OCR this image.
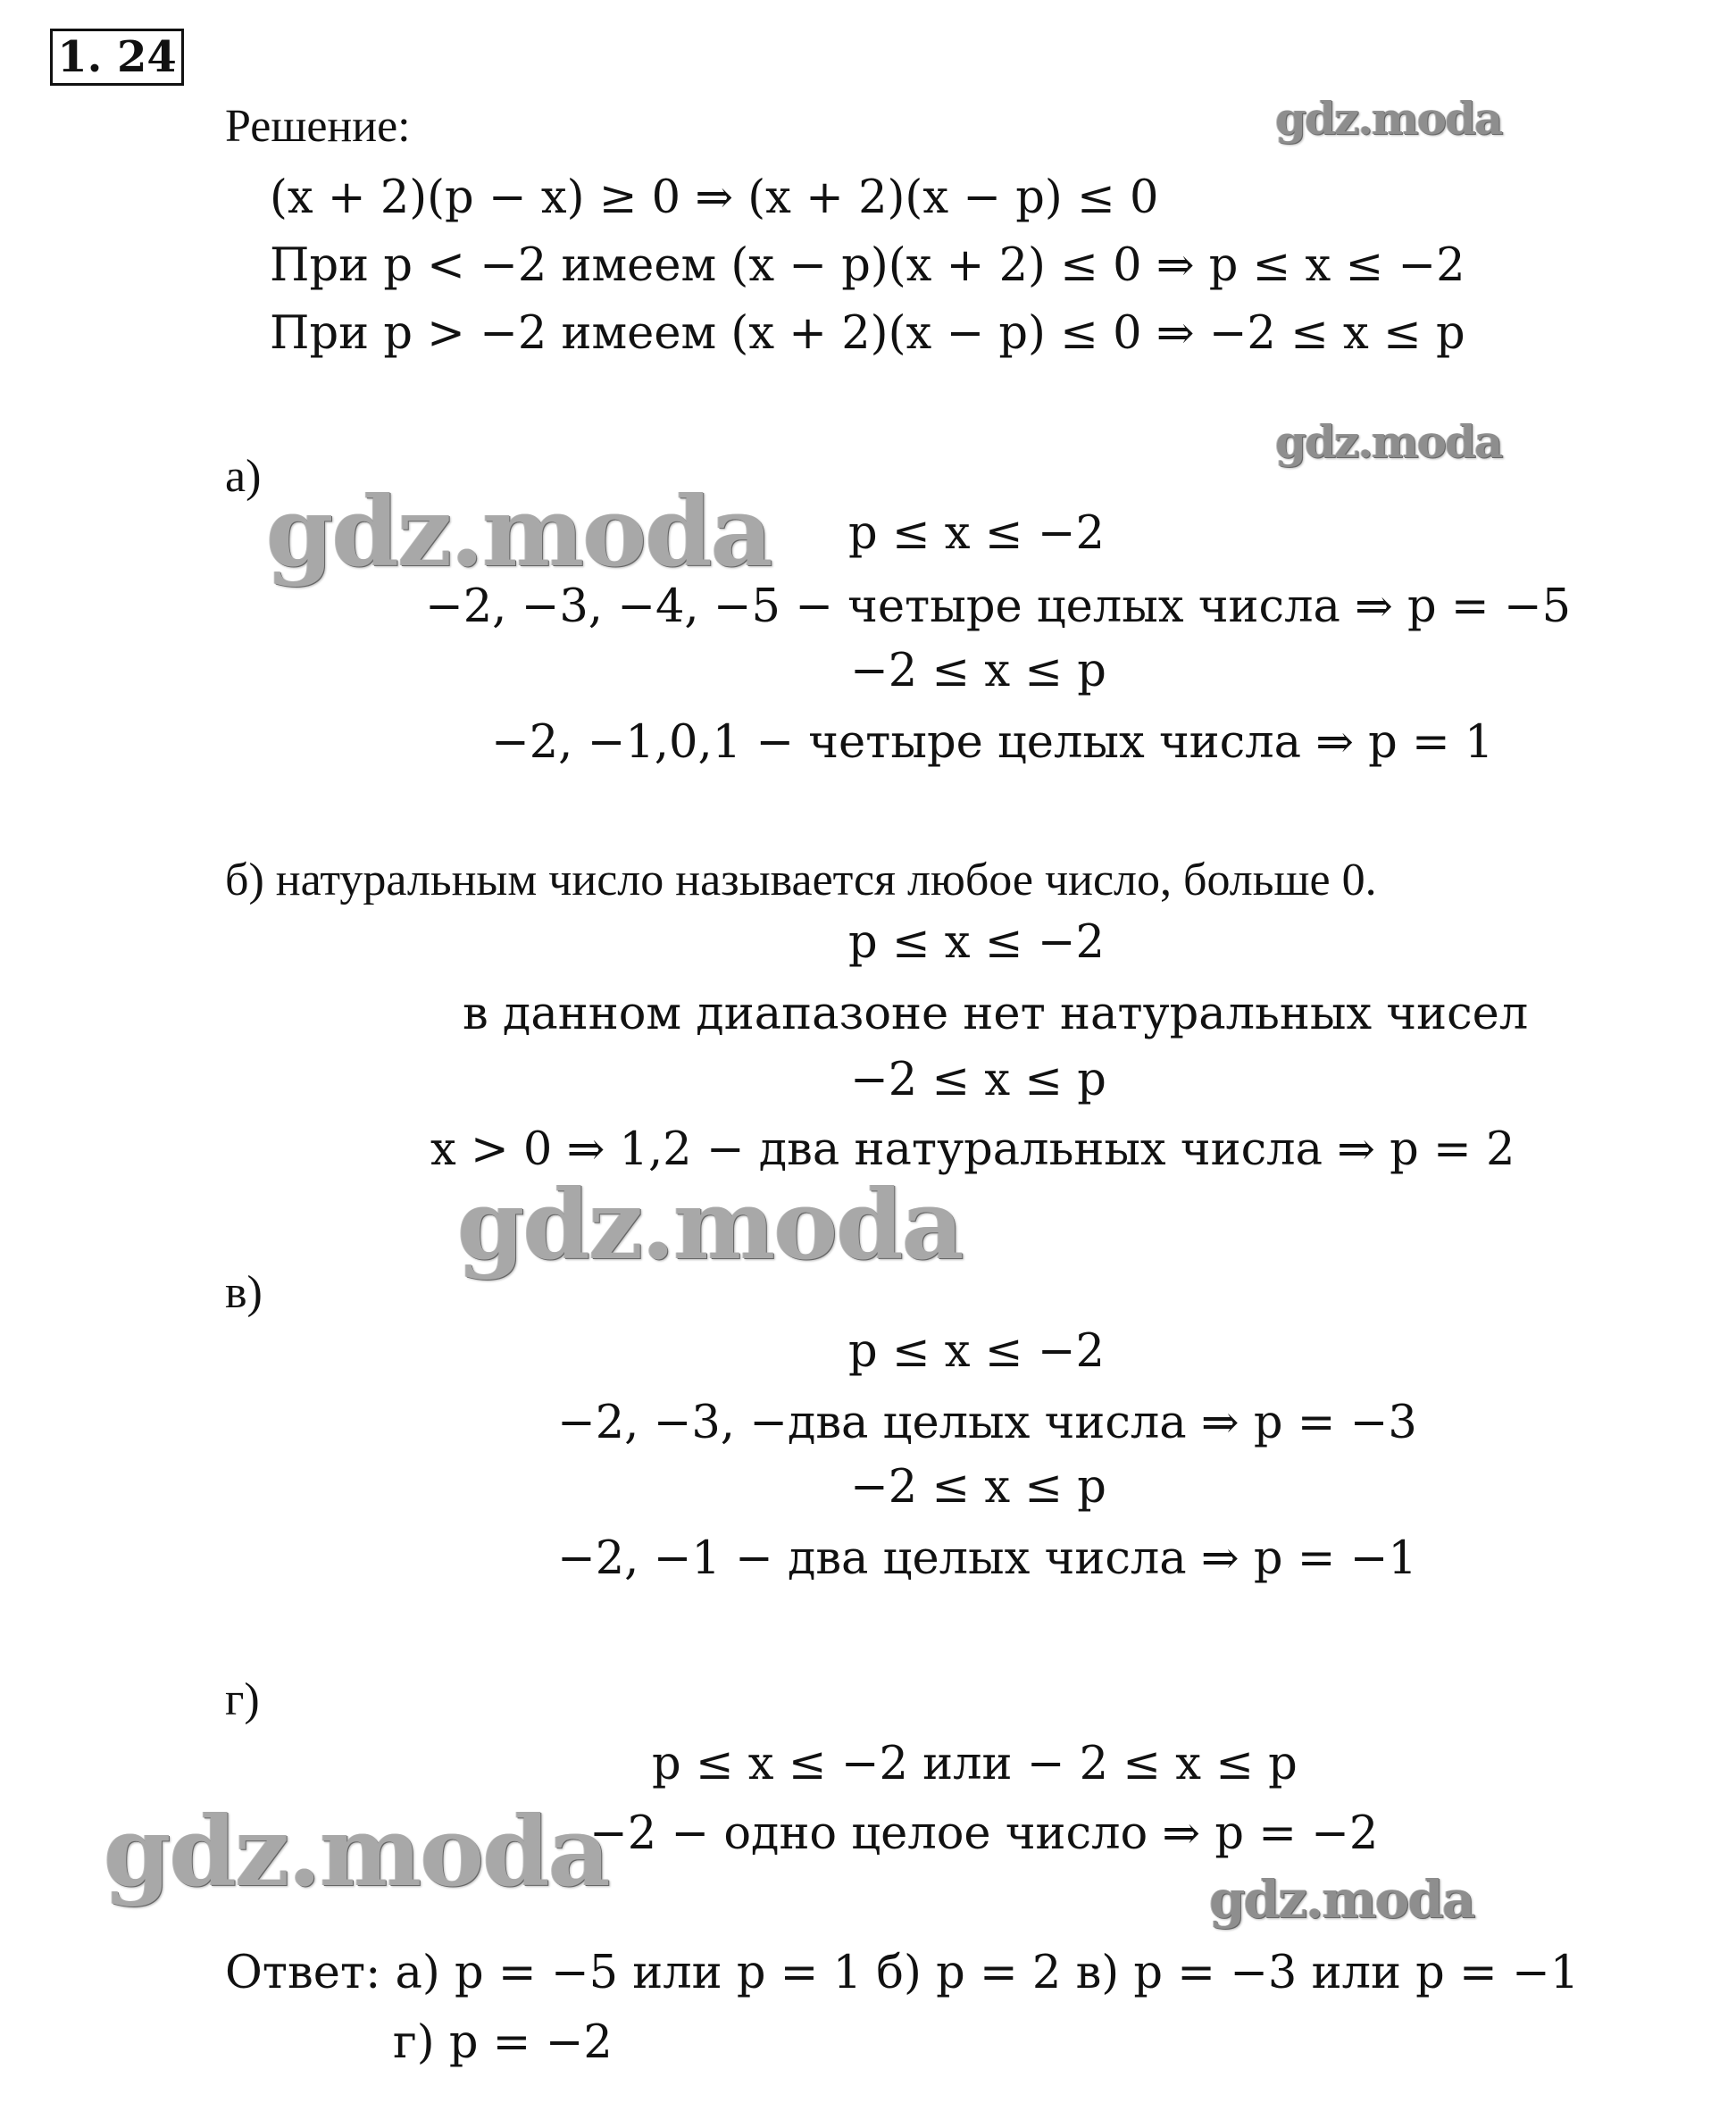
1. 24
gdz.moda
gdz.moda
gdz.moda
gdz.moda
gdz.moda
gdz.moda
Решение:
(x + 2)(p − x) ≥ 0 ⇒ (x + 2)(x − p) ≤ 0
При p < −2 имеем (x − p)(x + 2) ≤ 0 ⇒ p ≤ x ≤ −2
При p > −2 имеем (x + 2)(x − p) ≤ 0 ⇒ −2 ≤ x ≤ p
а)
p ≤ x ≤ −2
−2, −3, −4, −5 − четыре целых числа ⇒ p = −5
−2 ≤ x ≤ p
−2, −1,0,1 − четыре целых числа ⇒ p = 1
б) натуральным число называется любое число, больше 0.
p ≤ x ≤ −2
в данном диапазоне нет натуральных чисел
−2 ≤ x ≤ p
x > 0 ⇒ 1,2 − два натуральных числа ⇒ p = 2
в)
p ≤ x ≤ −2
−2, −3, −два целых числа ⇒ p = −3
−2 ≤ x ≤ p
−2, −1 − два целых числа ⇒ p = −1
г)
p ≤ x ≤ −2 или − 2 ≤ x ≤ p
−2 − одно целое число ⇒ p = −2
Ответ: а) p = −5 или p = 1 б) p = 2 в) p = −3 или p = −1
г) p = −2
